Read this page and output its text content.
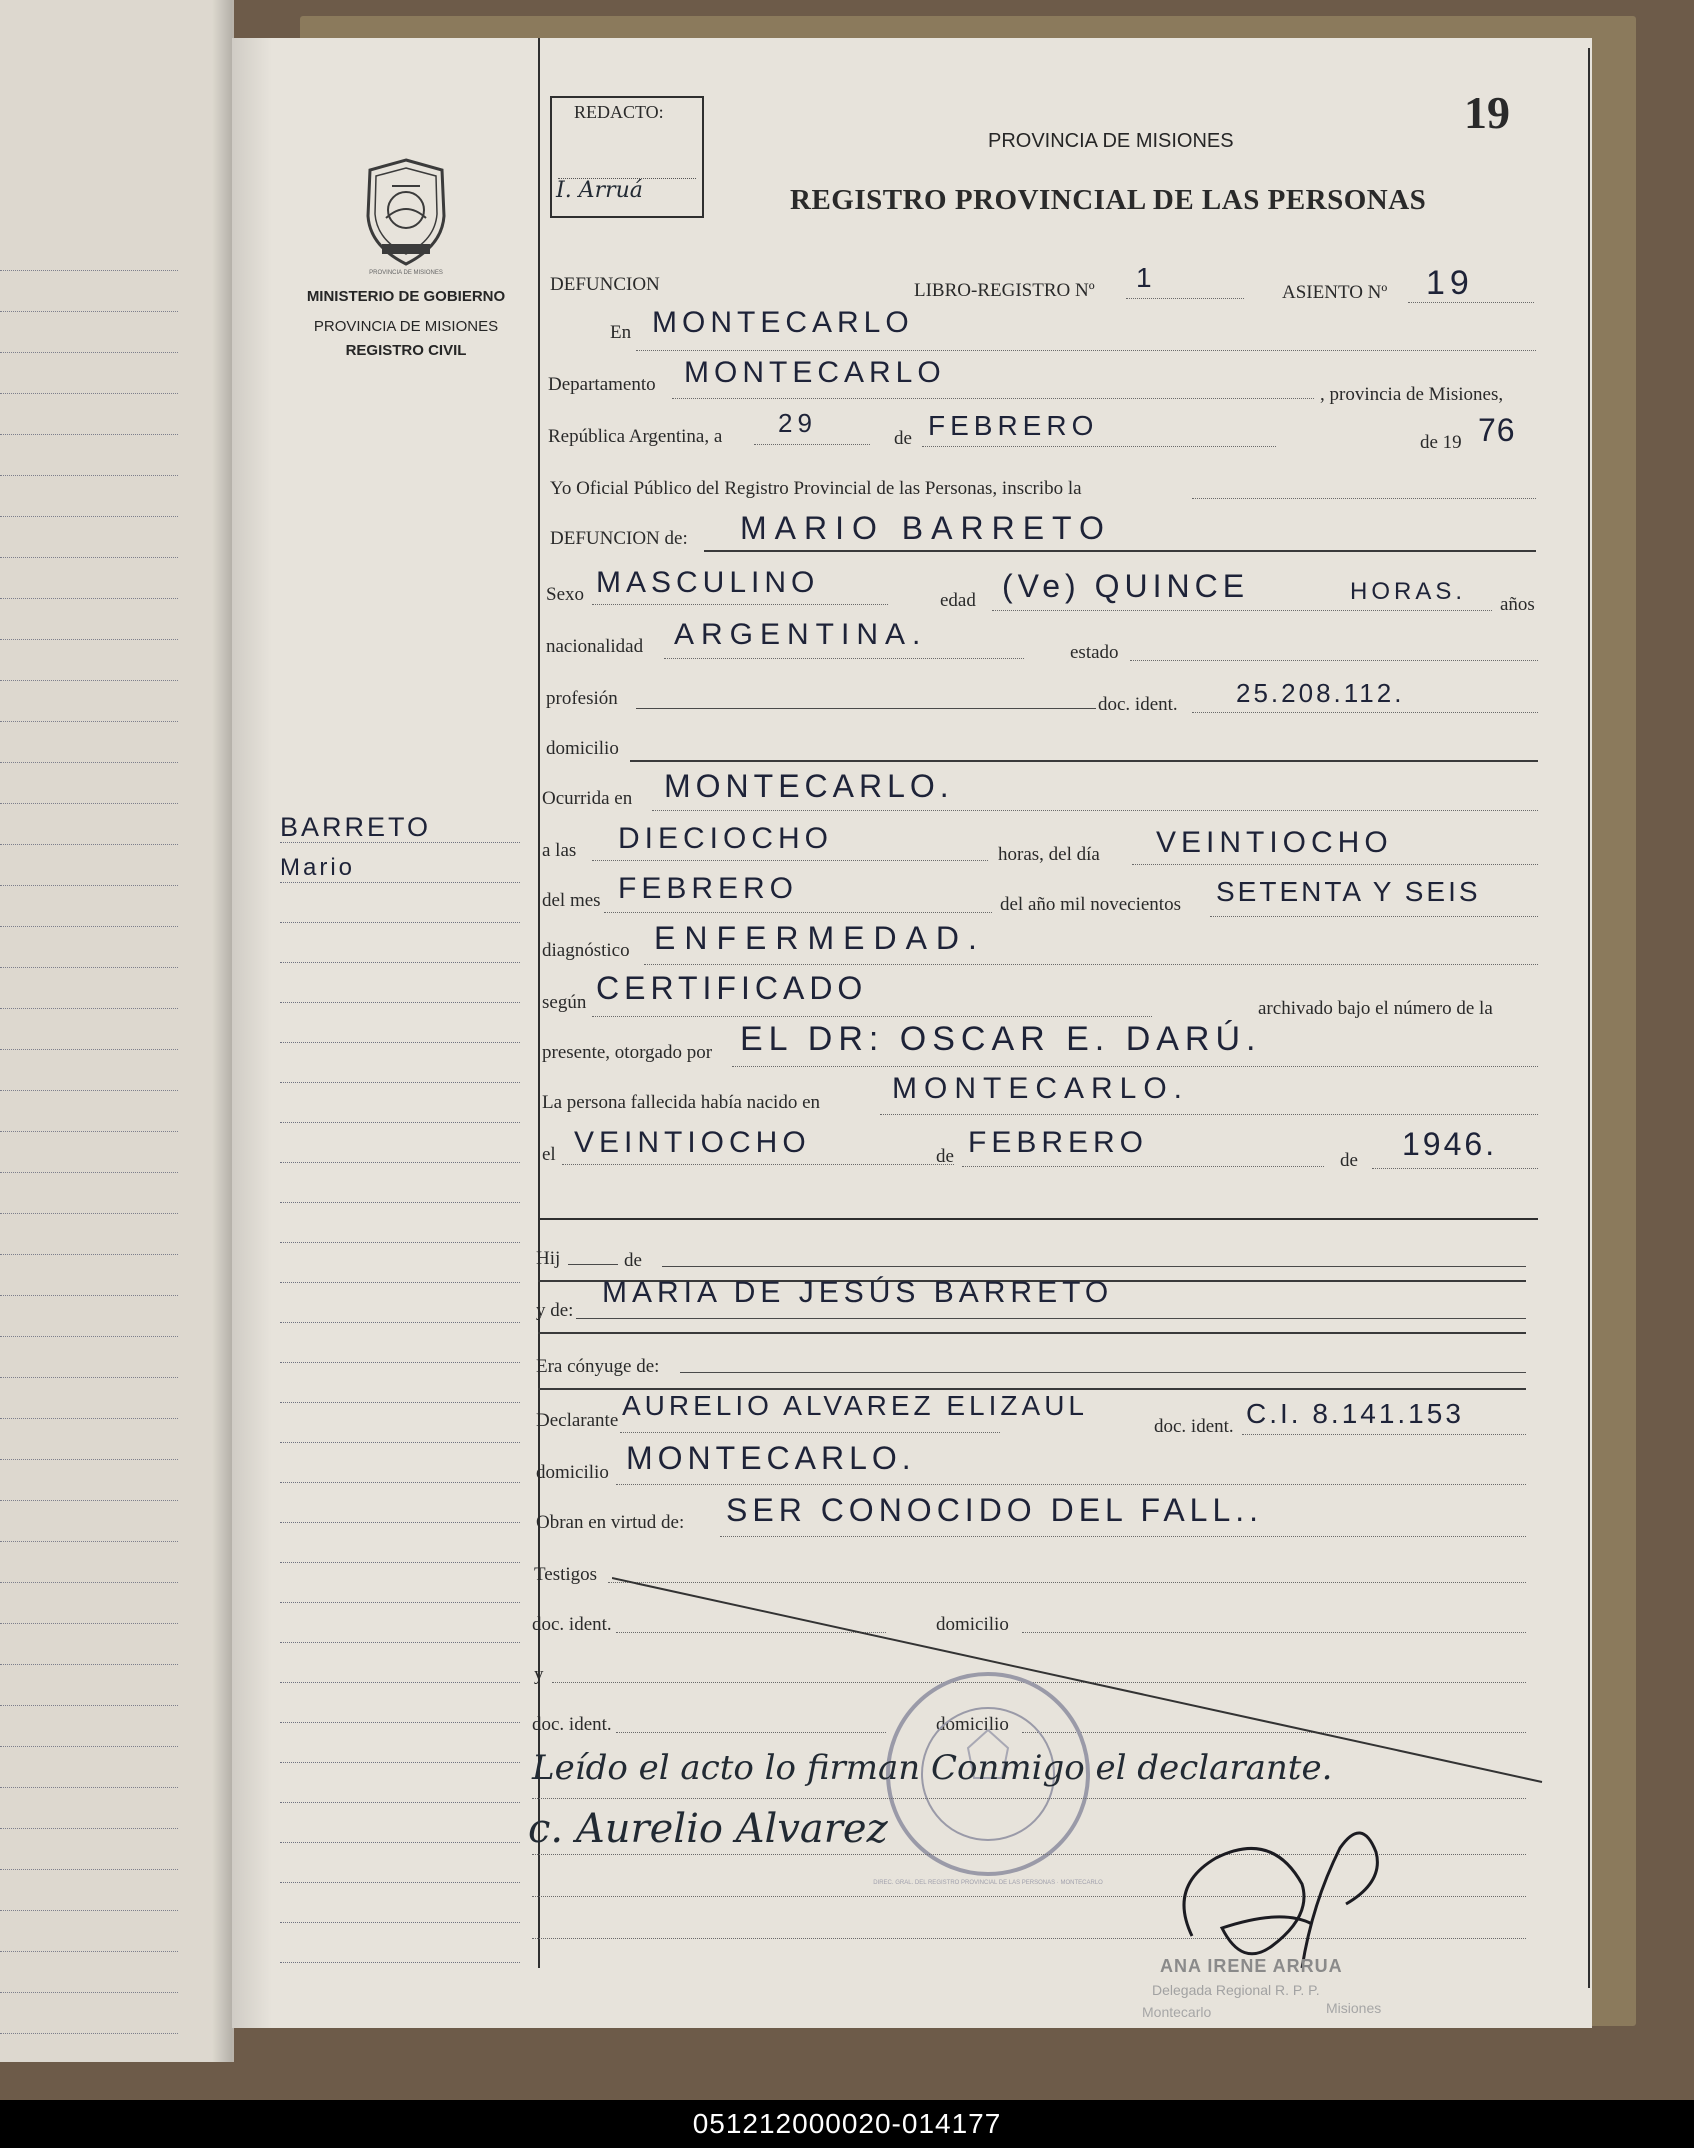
PROVINCIA DE MISIONES
MINISTERIO DE GOBIERNO
PROVINCIA DE MISIONES
REGISTRO CIVIL
BARRETO
Mario
REDACTO:
I. Arruá
19
PROVINCIA DE MISIONES
REGISTRO PROVINCIAL DE LAS PERSONAS
DEFUNCION	LIBRO-REGISTRO Nº 1	ASIENTO Nº 19
En MONTECARLO
Departamento MONTECARLO
, provincia de Misiones,
República Argentina, a 29
de FEBRERO
de 19 76
Yo Oficial Público del Registro Provincial de las Personas, inscribo la
DEFUNCION de: MARIO BARRETO
Sexo MASCULINO
edad (Ve) QUINCE	HORAS. años
nacionalidad ARGENTINA.
estado
profesión	doc. ident. 25.208.112.
domicilio
Ocurrida en MONTECARLO.
a las DIECIOCHO	horas, del día VEINTIOCHO
del mes FEBRERO	del año mil novecientos SETENTA Y SEIS
diagnóstico ENFERMEDAD.
según CERTIFICADO
archivado bajo el número de la
presente, otorgado por EL DR: OSCAR E. DARÚ.
La persona fallecida había nacido en MONTECARLO.
el VEINTIOCHO	de FEBRERO
de 1946.
Hij	de
y de:
MARIA DE JESÚS BARRETO
Era cónyuge de:
Declarante AURELIO ALVAREZ ELIZAUL
doc. ident. C.I. 8.141.153
domicilio MONTECARLO.
Obran en virtud de: SER CONOCIDO DEL FALL..
Testigos
doc. ident.	domicilio
y
doc. ident.	domicilio
DIREC. GRAL. DEL REGISTRO PROVINCIAL DE LAS PERSONAS · MONTECARLO
Leído el acto lo firman Conmigo el declarante.
c. Aurelio Alvarez
ANA IRENE ARRUA
Delegada Regional R. P. P.
Montecarlo	Misiones
051212000020-014177
